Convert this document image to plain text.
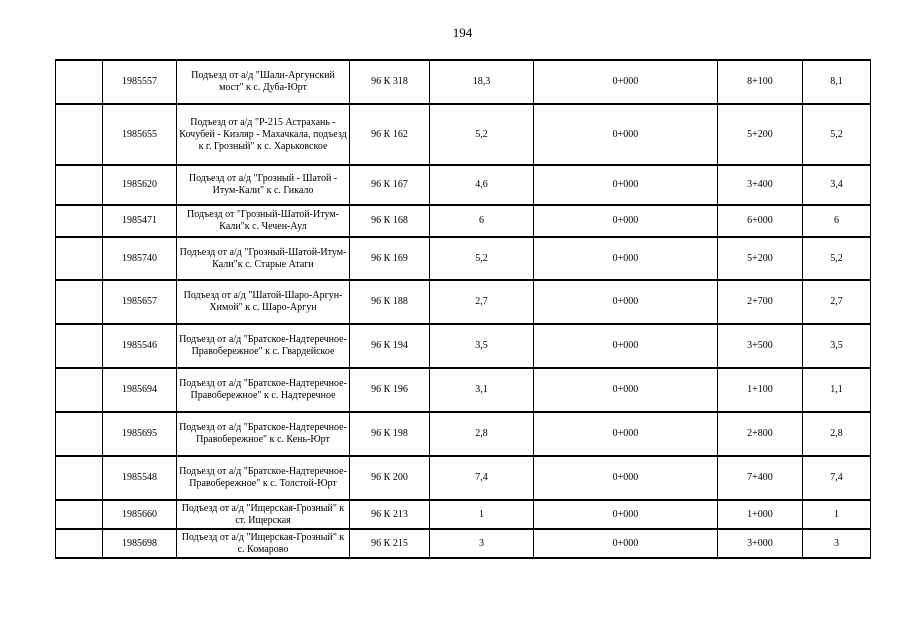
194
	1985557	Подъезд от а/д "Шали-Аргунский мост" к с. Дуба-Юрт	96 К 318	18,3	0+000	8+100	8,1
	1985655	Подъезд от а/д "Р-215 Астрахань - Кочубей - Кизляр - Махачкала, подъезд к г. Грозный" к с. Харьковское	96 К 162	5,2	0+000	5+200	5,2
	1985620	Подъезд от а/д "Грозный - Шатой - Итум-Кали" к с. Гикало	96 К 167	4,6	0+000	3+400	3,4
	1985471	Подъезд от "Грозный-Шатой-Итум-Кали"к с. Чечен-Аул	96 К 168	6	0+000	6+000	6
	1985740	Подъезд от а/д "Грозный-Шатой-Итум-Кали"к с. Старые Атаги	96 К 169	5,2	0+000	5+200	5,2
	1985657	Подъезд от а/д "Шатой-Шаро-Аргун-Химой" к с. Шаро-Аргун	96 К 188	2,7	0+000	2+700	2,7
	1985546	Подъезд от а/д "Братское-Надтеречное-Правобережное" к с. Гвардейское	96 К 194	3,5	0+000	3+500	3,5
	1985694	Подъезд от а/д "Братское-Надтеречное-Правобережное" к с. Надтеречное	96 К 196	3,1	0+000	1+100	1,1
	1985695	Подъезд от а/д "Братское-Надтеречное-Правобережное" к с. Кень-Юрт	96 К 198	2,8	0+000	2+800	2,8
	1985548	Подъезд от а/д "Братское-Надтеречное-Правобережное" к с. Толстой-Юрт	96 К 200	7,4	0+000	7+400	7,4
	1985660	Подъезд от а/д "Ищерская-Грозный" к ст. Ищерская	96 К 213	1	0+000	1+000	1
	1985698	Подъезд от а/д "Ищерская-Грозный" к с. Комарово	96 К 215	3	0+000	3+000	3
